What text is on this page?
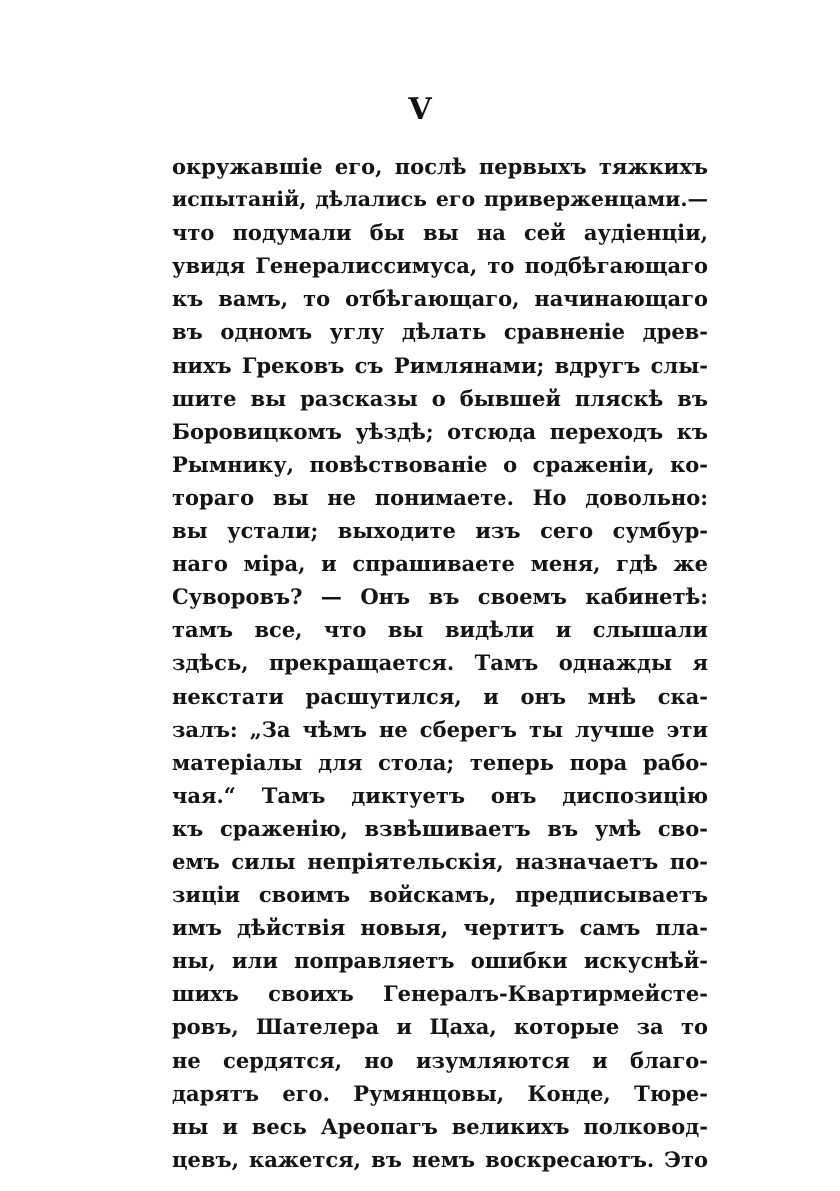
V
окружавшіе его, послѣ первыхъ тяжкихъ
испытаній, дѣлались его приверженцами.—
что подумали бы вы на сей аудіенціи,
увидя Генералиссимуса, то подбѣгающаго
къ вамъ, то отбѣгающаго, начинающаго
въ одномъ углу дѣлать сравненіе древ-
нихъ Грековъ съ Римлянами; вдругъ слы-
шите вы разсказы о бывшей пляскѣ въ
Боровицкомъ уѣздѣ; отсюда переходъ къ
Рымнику, повѣствованіе о сраженіи, ко-
тораго вы не понимаете. Но довольно:
вы устали; выходите изъ сего сумбур-
наго міра, и спрашиваете меня, гдѣ же
Суворовъ? — Онъ въ своемъ кабинетѣ:
тамъ все, что вы видѣли и слышали
здѣсь, прекращается. Тамъ однажды я
некстати расшутился, и онъ мнѣ ска-
залъ: „За чѣмъ не сберегъ ты лучше эти
матеріалы для стола; теперь пора рабо-
чая.“ Тамъ диктуетъ онъ диспозицію
къ сраженію, взвѣшиваетъ въ умѣ сво-
емъ силы непріятельскія, назначаетъ по-
зиціи своимъ войскамъ, предписываетъ
имъ дѣйствія новыя, чертитъ самъ пла-
ны, или поправляетъ ошибки искуснѣй-
шихъ своихъ Генералъ-Квартирмейсте-
ровъ, Шателера и Цаха, которые за то
не сердятся, но изумляются и благо-
дарятъ его. Румянцовы, Конде, Тюре-
ны и весь Ареопагъ великихъ полковод-
цевъ, кажется, въ немъ воскресаютъ. Это
